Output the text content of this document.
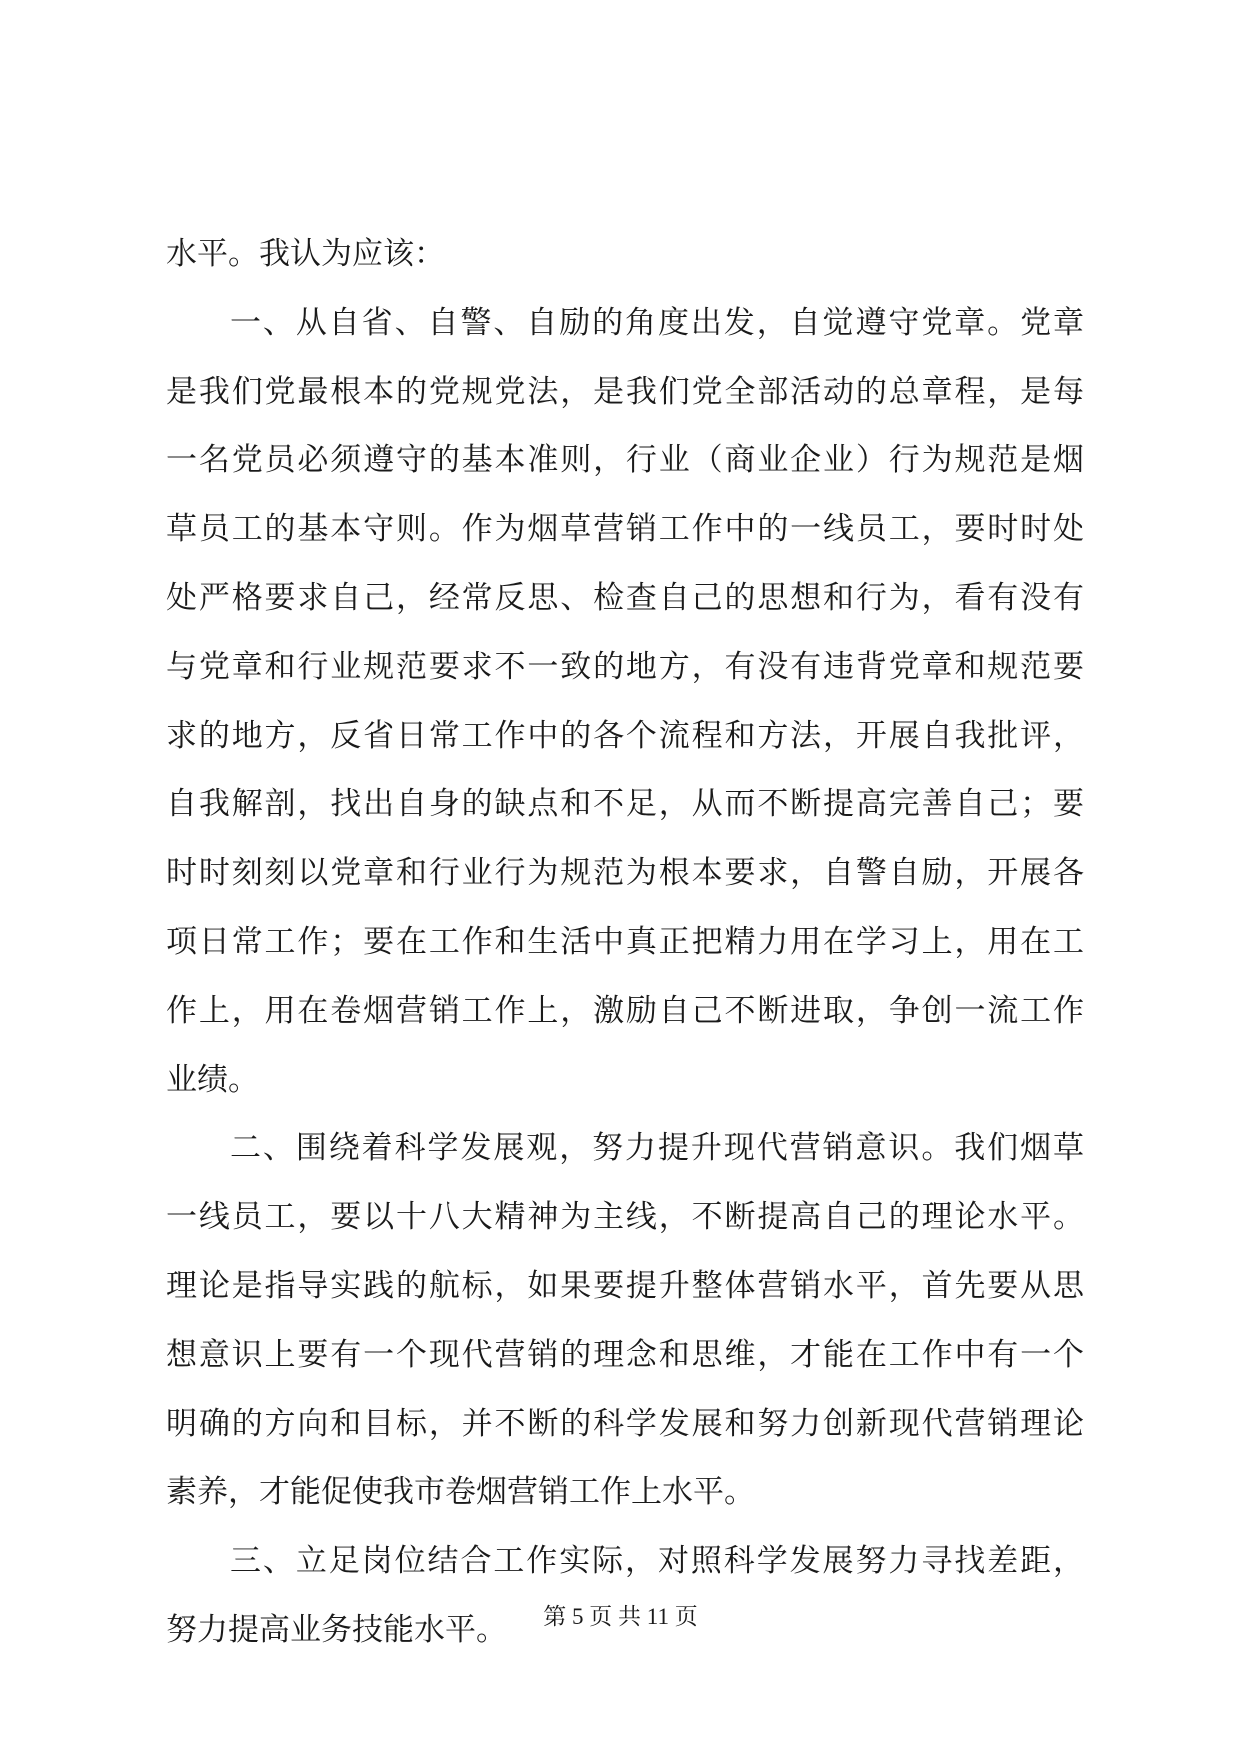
水平。我认为应该：
一、从自省、自警、自励的角度出发，自觉遵守党章。党章
是我们党最根本的党规党法，是我们党全部活动的总章程，是每
一名党员必须遵守的基本准则，行业（商业企业）行为规范是烟
草员工的基本守则。作为烟草营销工作中的一线员工，要时时处
处严格要求自己，经常反思、检查自己的思想和行为，看有没有
与党章和行业规范要求不一致的地方，有没有违背党章和规范要
求的地方，反省日常工作中的各个流程和方法，开展自我批评，
自我解剖，找出自身的缺点和不足，从而不断提高完善自己；要
时时刻刻以党章和行业行为规范为根本要求，自警自励，开展各
项日常工作；要在工作和生活中真正把精力用在学习上，用在工
作上，用在卷烟营销工作上，激励自己不断进取，争创一流工作
业绩。
二、围绕着科学发展观，努力提升现代营销意识。我们烟草
一线员工，要以十八大精神为主线，不断提高自己的理论水平。
理论是指导实践的航标，如果要提升整体营销水平，首先要从思
想意识上要有一个现代营销的理念和思维，才能在工作中有一个
明确的方向和目标，并不断的科学发展和努力创新现代营销理论
素养，才能促使我市卷烟营销工作上水平。
三、立足岗位结合工作实际，对照科学发展努力寻找差距，
努力提高业务技能水平。	第 5 页 共 11 页
